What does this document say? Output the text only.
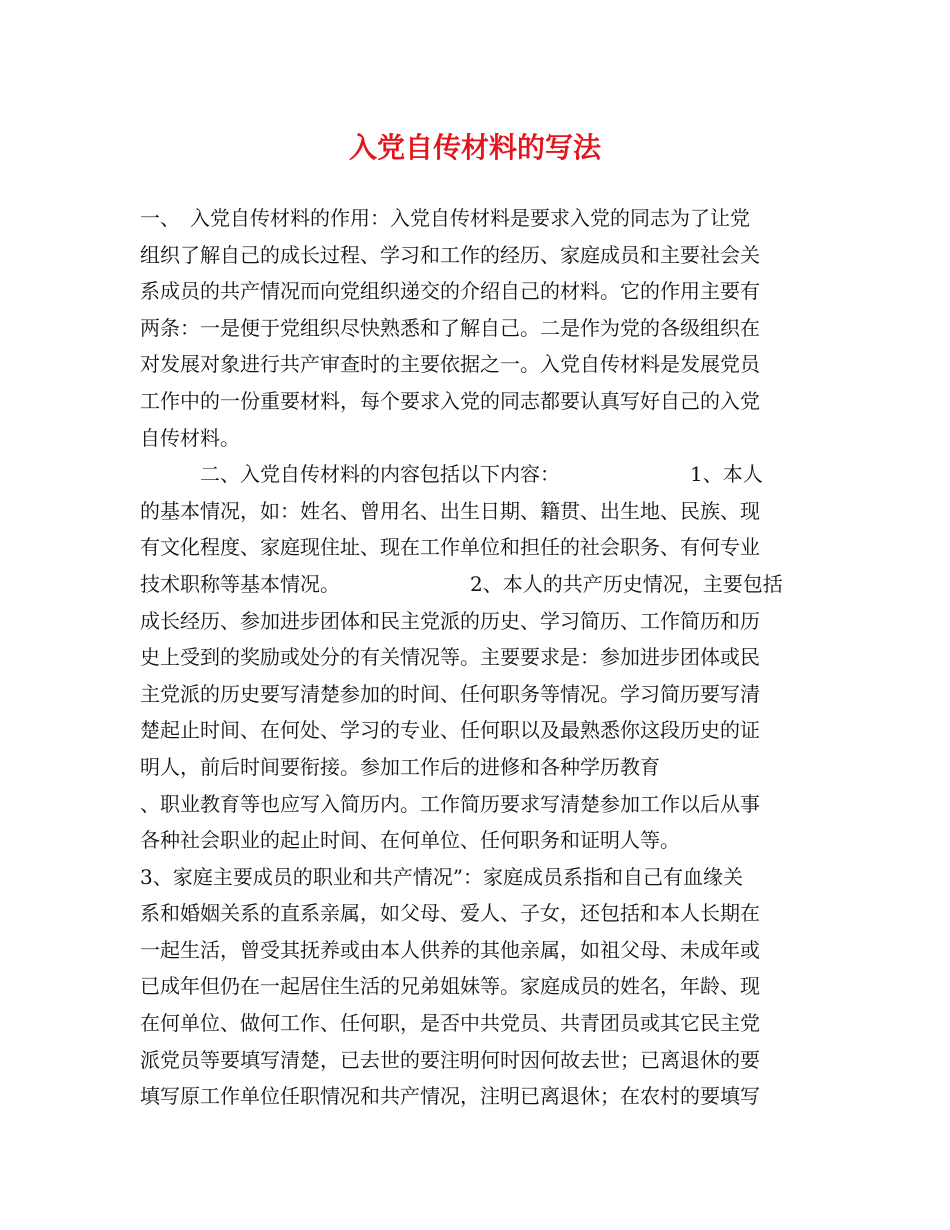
入党自传材料的写法
一、　入党自传材料的作用：入党自传材料是要求入党的同志为了让党
组织了解自己的成长过程、学习和工作的经历、家庭成员和主要社会关
系成员的共产情况而向党组织递交的介绍自己的材料。它的作用主要有
两条：一是便于党组织尽快熟悉和了解自己。二是作为党的各级组织在
对发展对象进行共产审查时的主要依据之一。入党自传材料是发展党员
工作中的一份重要材料，每个要求入党的同志都要认真写好自己的入党
自传材料。
　　　二、入党自传材料的内容包括以下内容：　　　　　　　1、本人
的基本情况，如：姓名、曾用名、出生日期、籍贯、出生地、民族、现
有文化程度、家庭现住址、现在工作单位和担任的社会职务、有何专业
技术职称等基本情况。　　　　　　　2、本人的共产历史情况，主要包括
成长经历、参加进步团体和民主党派的历史、学习简历、工作简历和历
史上受到的奖励或处分的有关情况等。主要要求是：参加进步团体或民
主党派的历史要写清楚参加的时间、任何职务等情况。学习简历要写清
楚起止时间、在何处、学习的专业、任何职以及最熟悉你这段历史的证
明人，前后时间要衔接。参加工作后的进修和各种学历教育
、职业教育等也应写入简历内。工作简历要求写清楚参加工作以后从事
各种社会职业的起止时间、在何单位、任何职务和证明人等。
3、家庭主要成员的职业和共产情况”：家庭成员系指和自己有血缘关
系和婚姻关系的直系亲属，如父母、爱人、子女，还包括和本人长期在
一起生活，曾受其抚养或由本人供养的其他亲属，如祖父母、未成年或
已成年但仍在一起居住生活的兄弟姐妹等。家庭成员的姓名，年龄、现
在何单位、做何工作、任何职，是否中共党员、共青团员或其它民主党
派党员等要填写清楚，已去世的要注明何时因何故去世；已离退休的要
填写原工作单位任职情况和共产情况，注明已离退休；在农村的要填写
